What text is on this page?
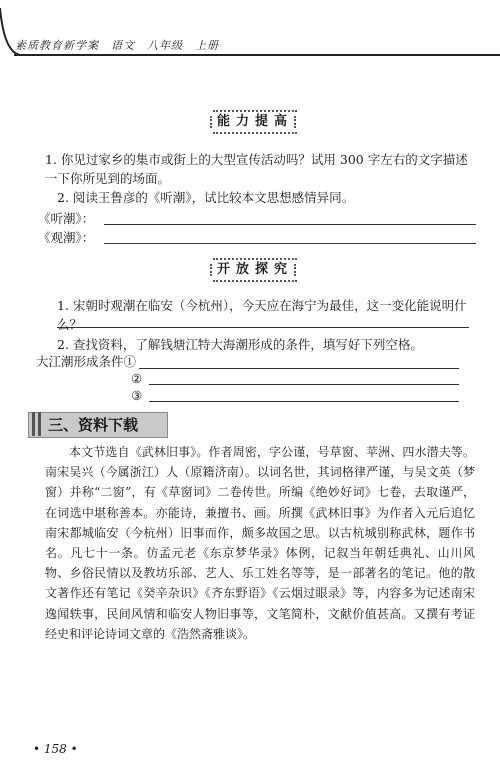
素质教育新学案　语文　八年级　上册
能力提高
1. 你见过家乡的集市或街上的大型宣传活动吗？试用 300 字左右的文字描述一下你所见到的场面。
2. 阅读王鲁彦的《听潮》，试比较本文思想感情异同。
《听潮》：
《观潮》：
开放探究
1. 宋朝时观潮在临安（今杭州），今天应在海宁为最佳，这一变化能说明什么？
2. 查找资料，了解钱塘江特大海潮形成的条件，填写好下列空格。
大江潮形成条件①
②
③
三、资料下载
本文节选自《武林旧事》。作者周密，字公谨，号草窗、苹洲、四水潜夫等。南宋吴兴（今属浙江）人（原籍济南）。以词名世，其词格律严谨，与吴文英（梦窗）并称“二窗”，有《草窗词》二卷传世。所编《绝妙好词》七卷，去取谨严，在词选中堪称善本。亦能诗，兼擅书、画。所撰《武林旧事》为作者入元后追忆南宋都城临安（今杭州）旧事而作，颇多故国之思。以古杭城别称武林，题作书名。凡七十一条。仿孟元老《东京梦华录》体例，记叙当年朝廷典礼、山川风物、乡俗民情以及教坊乐部、艺人、乐工姓名等等，是一部著名的笔记。他的散文著作还有笔记《癸辛杂识》《齐东野语》《云烟过眼录》等，内容多为记述南宋逸闻轶事，民间风情和临安人物旧事等，文笔简朴，文献价值甚高。又撰有考证经史和评论诗词文章的《浩然斋雅谈》。
• 158 •
